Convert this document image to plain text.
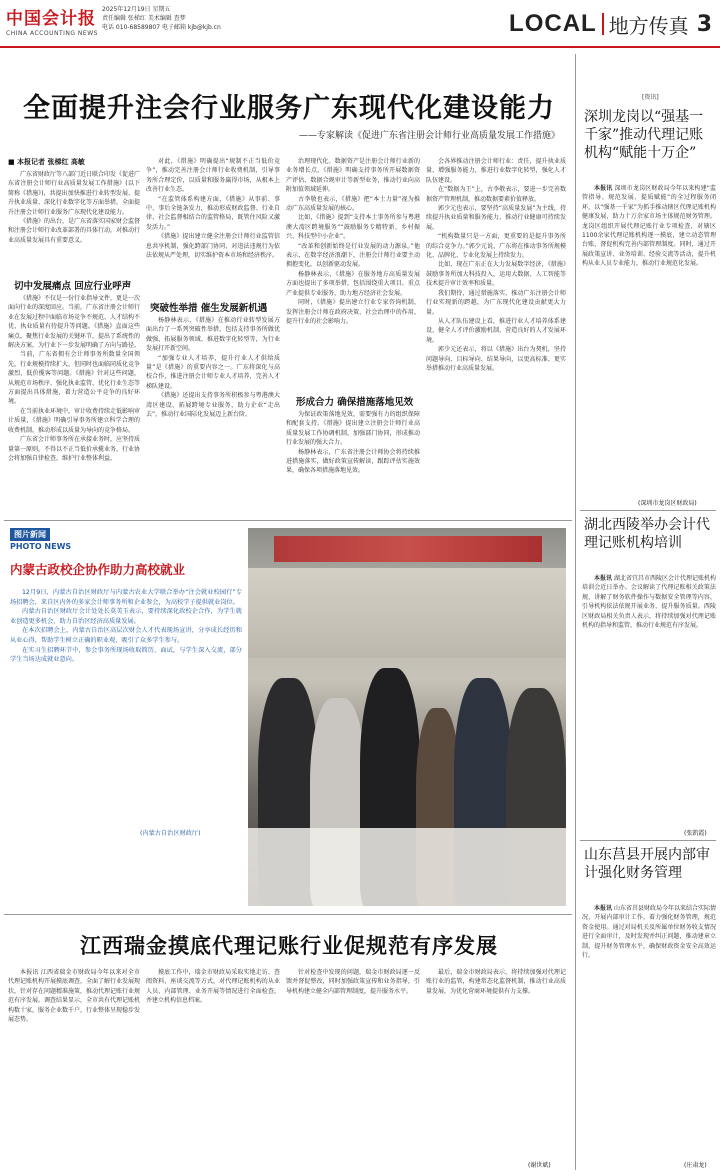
中国会计报
CHINA ACCOUNTING NEWS
2025年12月19日 星期五
责任编辑 张梯红 美术编辑 查梦
电话 010-68589807 电子邮箱 kjb@kjb.cn	LOCAL 地方传真 3
全面提升注会行业服务广东现代化建设能力
——专家解读《促进广东省注册会计师行业高质量发展工作措施》
■ 本报记者 张梯红 高敏

广东省财政厅等八部门近日联合印发《促进广东省注册会计师行业高质量发展工作措施》(以下简称《措施》)，共提出加快推进行业转型发展、提升执业质量、深化行业数字化等方面举措，全面提升注册会计师行业服务广东现代化建设能力。

《措施》的出台，是广东省落实国家财会监督和注册会计师行业改革部署的具体行动，对推动行业高质量发展具有重要意义。

切中发展痛点 回应行业呼声

《措施》不仅是一份行业指导文件，更是一次面向行业的深度回应。当前，广东省注册会计师行业在发展过程中面临市场竞争不规范、人才结构不优、执业质量有待提升等问题。《措施》直面这些痛点，聚焦行业发展的关键环节，提出了系统性的解决方案，为行业下一步发展明确了方向与路径。

当前，广东省拥有会计师事务所数量全国领先，行业规模持续扩大，但同时也面临同质化竞争激烈、低价揽客等问题。《措施》针对这些问题，从规范市场秩序、强化执业监管、优化行业生态等方面提出具体措施，着力营造公平竞争的良好环境。

在当前执业环境中，审计收费持续走低影响审计质量，《措施》明确引导事务所建立科学合理的收费机制，推动形成以质量为导向的竞争格局。

广东省会计师事务所在承接业务时，应坚持质量第一原则，不得以不正当低价承揽业务，行业协会将加强自律检查，维护行业整体利益。

对此，《措施》明确提出“规制不正当低价竞争”，推动完善注册会计师行业收费机制，引导事务所合理定价，以质量和服务赢得市场，从根本上改善行业生态。

“在监管体系构建方面，《措施》从事前、事中、事后全链条发力，推动形成财政监督、行业自律、社会监督相结合的监管格局，既管住风险又激发活力。”

《措施》提出建立健全注册会计师行业监管信息共享机制，强化跨部门协同，对违法违规行为依法依规从严处理，切实维护资本市场和经济秩序。

突破性举措 催生发展新机遇

杨静林表示，《措施》在推动行业转型发展方面出台了一系列突破性举措，包括支持事务所做优做强、拓展服务领域、推进数字化转型等，为行业发展打开新空间。

“加强专业人才培养，提升行业人才供给质量”是《措施》的重要内容之一。广东将深化与高校合作，推进注册会计师专业人才培养，完善人才梯队建设。

《措施》还提出支持事务所积极参与粤港澳大湾区建设，拓展跨境专业服务，助力企业“走出去”，推动行业国际化发展迈上新台阶。

治理现代化。数据资产是注册会计师行业新的业务增长点，《措施》明确支持事务所开展数据资产评估、数据合规审计等新型业务，推动行业向高附加值领域延伸。

古李敬也表示，《措施》把“本土力量”视为推动广东高质量发展的核心。

比如，《措施》提到“支持本土事务所参与粤港澳大湾区跨境服务”“鼓励服务专精特新、乡村振兴、科技型中小企业”。

“改革和创新始终是行业发展的动力源泉。”他表示，在数字经济浪潮下，注册会计师行业要主动拥抱变化，以创新驱动发展。

杨静林表示，《措施》在服务地方高质量发展方面也提出了多项举措，包括围绕重大项目、重点产业提供专业服务，助力地方经济社会发展。

同时，《措施》提出建立行业专家咨询机制，发挥注册会计师在政府决策、社会治理中的作用，提升行业的社会影响力。

形成合力 确保措施落地见效

为保证政策落地见效，需要强有力的组织保障和配套支持。《措施》提出建立注册会计师行业高质量发展工作协调机制，加强部门协同，形成推动行业发展的强大合力。

杨静林表示，广东省注册会计师协会将持续推进措施落实，做好政策宣传解读，跟踪评估实施效果，确保各项措施落地见效。

会各界推动注册会计师行业：责任，提升执业质量，增强服务能力，推进行业数字化转型，强化人才队伍建设。

在“数据为王”上，古李敬表示，要进一步完善数据资产管理机制，推动数据要素价值释放。

郭少元也表示，要坚持“高质量发展”为主线，持续提升执业质量和服务能力，推动行业健康可持续发展。

“机构数量只是一方面，更重要的是提升事务所的综合竞争力。”郭少元说，广东将在推动事务所规模化、品牌化、专业化发展上持续发力。

比如，现在广东正在大力发展数字经济，《措施》鼓励事务所加大科技投入，运用大数据、人工智能等技术提升审计效率和质量。

我们期待，通过措施落实，推动广东注册会计师行业实现新的跨越，为广东现代化建设贡献更大力量。

从人才队伍建设上看，推进行业人才培养体系建设，健全人才评价激励机制，营造良好的人才发展环境。

郭少元还表示，将以《措施》出台为契机，坚持问题导向、目标导向、结果导向，以更高标准、更实举措推动行业高质量发展。

[资讯]
深圳龙岗以“强基一千家”推动代理记账机构“赋能十万企”

本报讯 深圳市龙岗区财政局今年以来构建“监管指导、规范发展、提质赋能”的全过程服务闭环，以“强基一千家”为抓手推动辖区代理记账机构健康发展，助力十万余家市场主体规范财务管理。龙岗区组织开展代理记账行业专项检查，对辖区1100余家代理记账机构逐一摸底，建立动态管理台账，督促机构完善内部管理制度。同时，通过开展政策宣讲、业务培训、经验交流等活动，提升机构从业人员专业能力，推动行业规范化发展。

(深圳市龙岗区财政局)
湖北西陵举办会计代理记账机构培训

本报讯 湖北省宜昌市西陵区会计代理记账机构培训会近日举办。会议解读了代理记账相关政策法规，讲解了财务软件操作与数据安全管理等内容，引导机构依法依规开展业务，提升服务质量。西陵区财政局相关负责人表示，将持续加强对代理记账机构的指导和监管，推动行业规范有序发展。

(张凯霞)
山东莒县开展内部审计强化财务管理

本报讯 山东省莒县财政局今年以来结合实际情况，开展内部审计工作，着力强化财务管理，规范资金使用。通过对局机关及所属单位财务收支情况进行全面审计，及时发现并纠正问题，推动建章立制，提升财务管理水平，确保财政资金安全高效运行。

(庄肃龙)
图片新闻
PHOTO NEWS
内蒙古政校企协作助力高校就业

12月9日，内蒙古自治区财政厅与内蒙古农业大学联合举办“注会就业校园行”专场招聘会，来自区内外的多家会计师事务所和企业参会，为高校学子提供就业岗位。

内蒙古自治区财政厅会计处处长莫美玉表示，要持续深化政校企合作，为学生就业创造更多机会，助力自治区经济高质量发展。

在本次招聘会上，内蒙古自治区高层次财会人才代表现场宣讲，分享成长经历和从业心得，帮助学生树立正确的职业观，吸引了众多学生参与。

在实习生招聘环节中，参会事务所现场收取简历、面试，与学生深入交流，部分学生当场达成就业意向。

(内蒙古自治区财政厅)
江西瑞金摸底代理记账行业促规范有序发展

本报讯 江西省瑞金市财政局今年以来对全市代理记账机构开展摸底调查，全面了解行业发展现状，针对存在问题精准施策，推动代理记账行业规范有序发展。调查结果显示，全市共有代理记账机构数十家，服务企业数千户，行业整体呈现稳步发展态势。

摸底工作中，瑞金市财政局采取实地走访、查阅资料、座谈交流等方式，对代理记账机构的从业人员、内部管理、业务开展等情况进行全面检查，并建立机构信息档案。

针对检查中发现的问题，瑞金市财政局逐一反馈并督促整改，同时加强政策宣传和业务指导，引导机构建立健全内部管理制度，提升服务水平。

最后，瑞金市财政局表示，将持续加强对代理记账行业的监管，构建常态化监督机制，推动行业高质量发展，为优化营商环境提供有力支撑。

(谢世斌)
